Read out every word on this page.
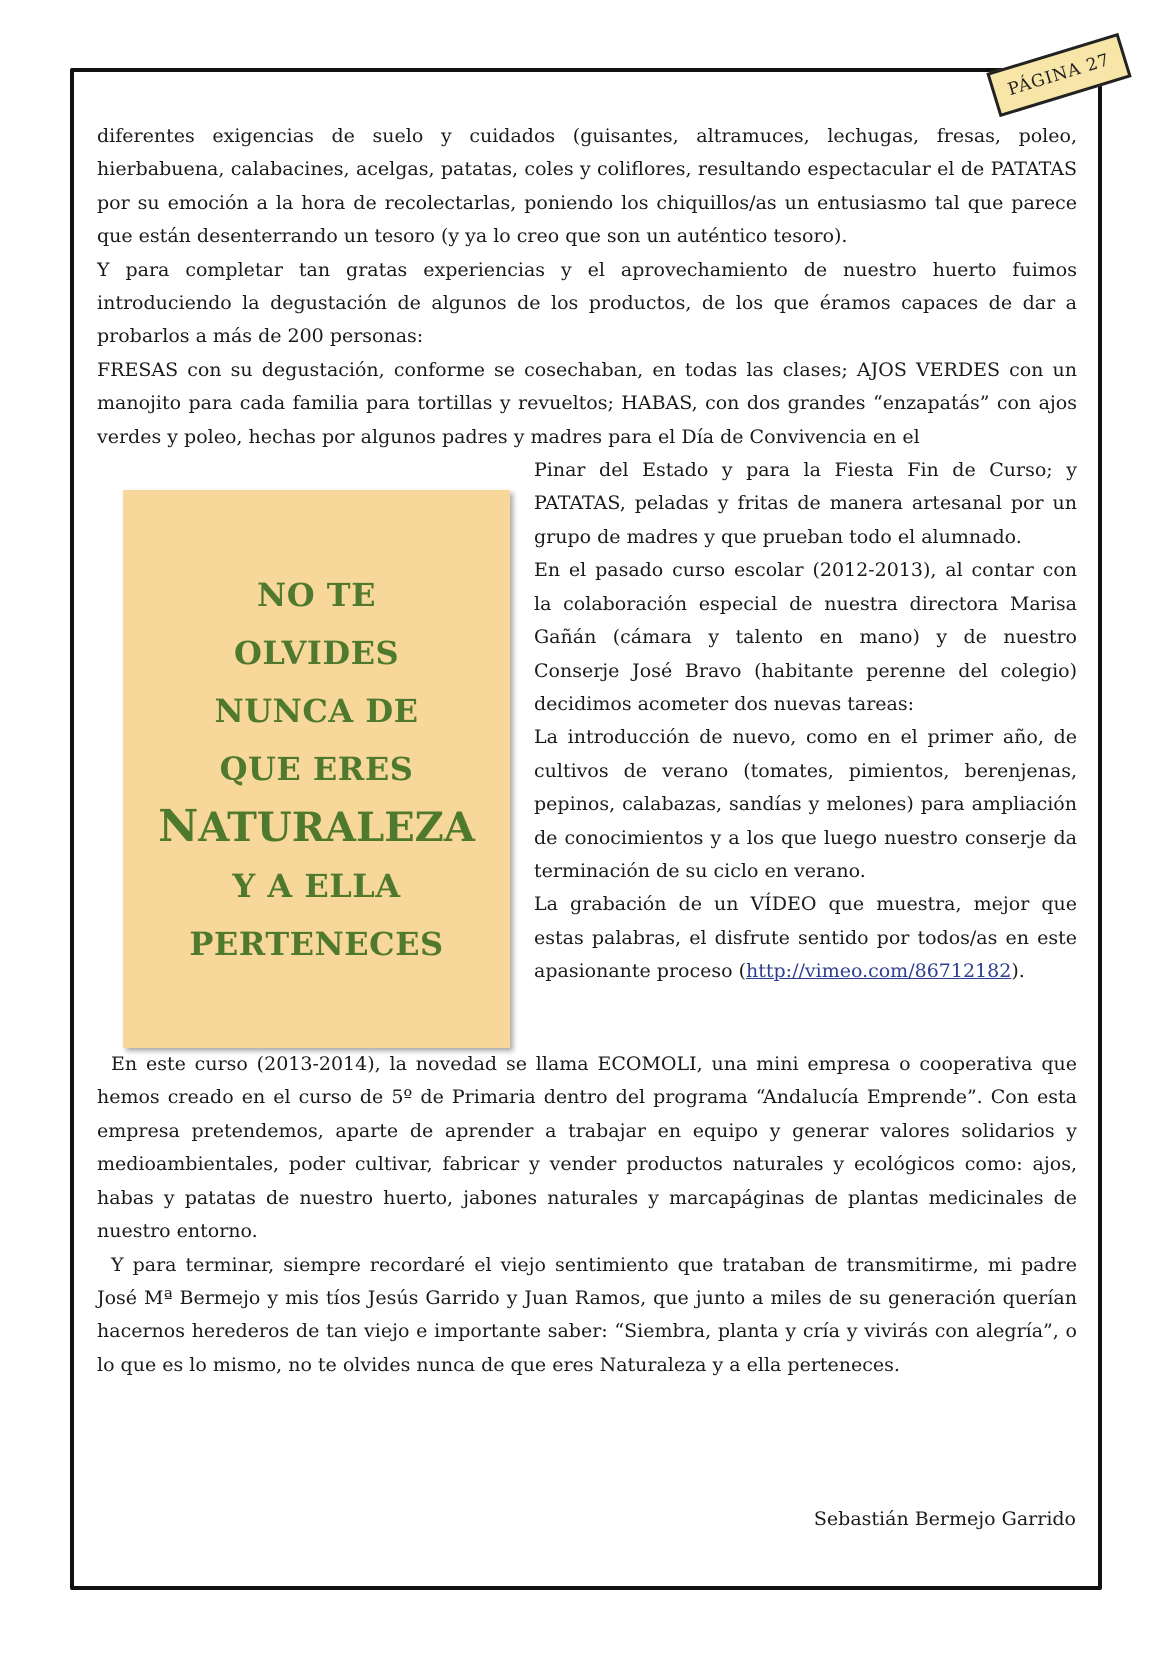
PÁGINA 27

diferentes exigencias de suelo y cuidados (guisantes, altramuces, lechugas, fresas, poleo, hierbabuena, calabacines, acelgas, patatas, coles y coliflores, resultando espectacular el de PATATAS por su emoción a la hora de recolectarlas, poniendo los chiquillos/as un entusiasmo tal que parece que están desenterrando un tesoro (y ya lo creo que son un auténtico tesoro).

Y para completar tan gratas experiencias y el aprovechamiento de nuestro huerto fuimos introduciendo la degustación de algunos de los productos, de los que éramos capaces de dar a probarlos a más de 200 personas:

FRESAS con su degustación, conforme se cosechaban, en todas las clases; AJOS VERDES con un manojito para cada familia para tortillas y revueltos; HABAS, con dos grandes “enzapatás” con ajos verdes y poleo, hechas por algunos padres y madres para el Día de Convivencia en el

NO TE
OLVIDES
NUNCA DE
QUE ERES
NATURALEZA
Y A ELLA
PERTENECES

Pinar del Estado y para la Fiesta Fin de Curso; y PATATAS, peladas y fritas de manera artesanal por un grupo de madres y que prueban todo el alumnado.

En el pasado curso escolar (2012-2013), al contar con la colaboración especial de nuestra directora Marisa Gañán (cámara y talento en mano) y de nuestro Conserje José Bravo (habitante perenne del colegio) decidimos acometer dos nuevas tareas:

La introducción de nuevo, como en el primer año, de cultivos de verano (tomates, pimientos, berenjenas, pepinos, calabazas, sandías y melones) para ampliación de conocimientos y a los que luego nuestro conserje da terminación de su ciclo en verano.

La grabación de un VÍDEO que muestra, mejor que estas palabras, el disfrute sentido por todos/as en este apasionante proceso (http://vimeo.com/86712182).

En este curso (2013-2014), la novedad se llama ECOMOLI, una mini empresa o cooperativa que hemos creado en el curso de 5º de Primaria dentro del programa “Andalucía Emprende”. Con esta empresa pretendemos, aparte de aprender a trabajar en equipo y generar valores solidarios y medioambientales, poder cultivar, fabricar y vender productos naturales y ecológicos como: ajos, habas y patatas de nuestro huerto, jabones naturales y marcapáginas de plantas medicinales de nuestro entorno.

Y para terminar, siempre recordaré el viejo sentimiento que trataban de transmitirme, mi padre José Mª Bermejo y mis tíos Jesús Garrido y Juan Ramos, que junto a miles de su generación querían hacernos herederos de tan viejo e importante saber: “Siembra, planta y cría y vivirás con alegría”, o lo que es lo mismo, no te olvides nunca de que eres Naturaleza y a ella perteneces.

Sebastián Bermejo Garrido
